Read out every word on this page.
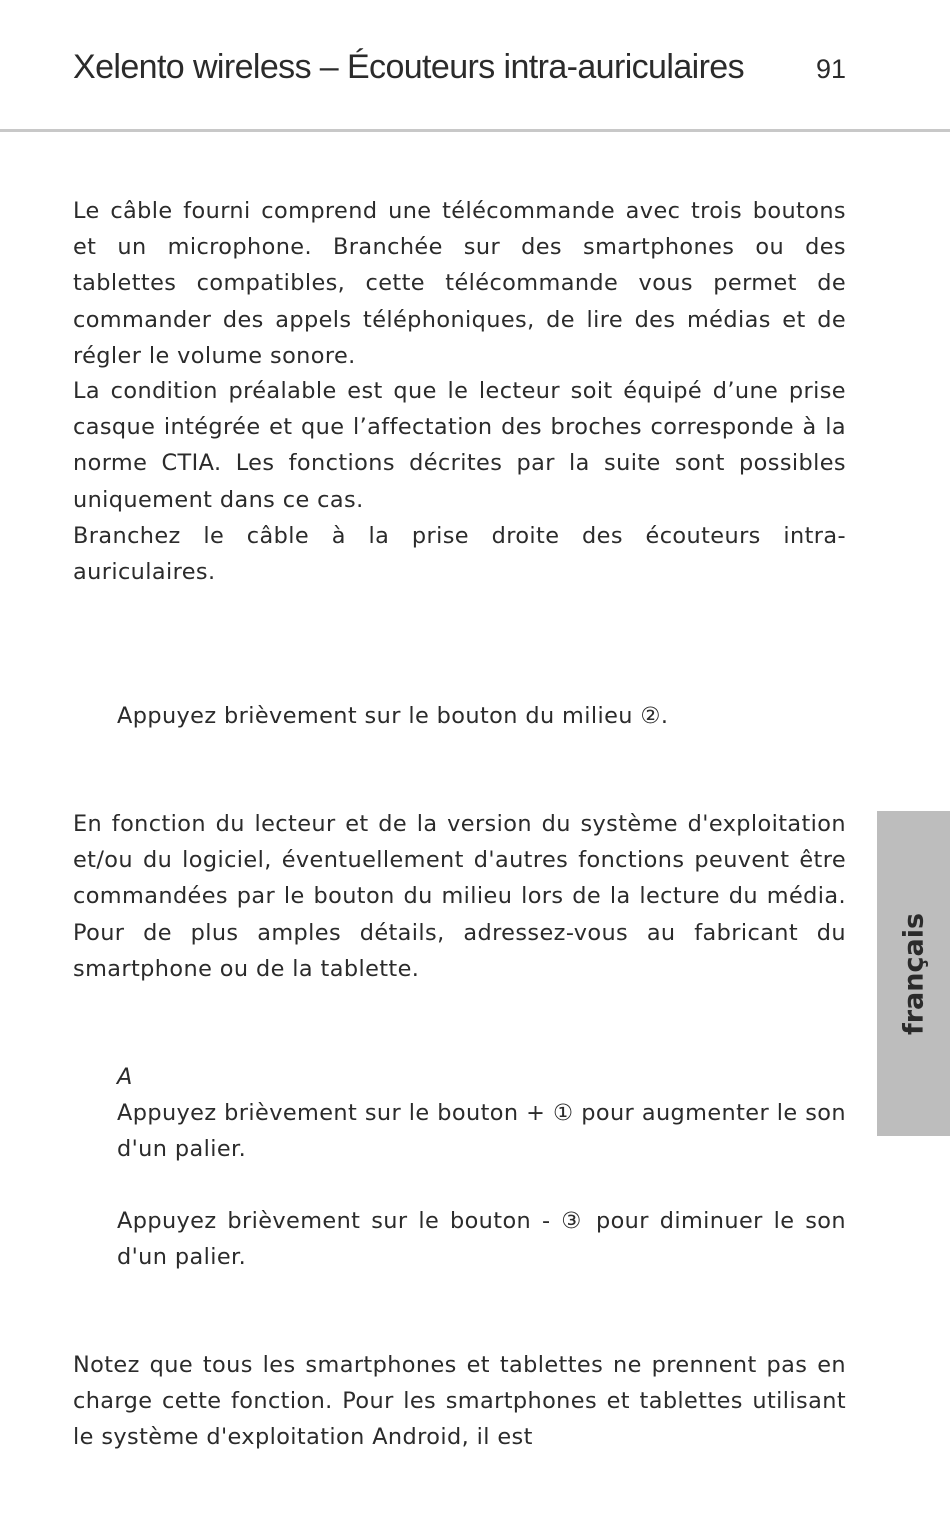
Xelento wireless – Écouteurs intra-auriculaires	91

Le câble fourni comprend une télécommande avec trois boutons et un microphone. Branchée sur des smartphones ou des tablettes compatibles, cette télécommande vous permet de commander des appels téléphoniques, de lire des médias et de régler le volume sonore.

La condition préalable est que le lecteur soit équipé d’une prise casque intégrée et que l’affectation des broches corresponde à la norme CTIA. Les fonctions décrites par la suite sont possibles uniquement dans ce cas.

Branchez le câble à la prise droite des écouteurs intra-auriculaires.

Appuyez brièvement sur le bouton du milieu ②.

En fonction du lecteur et de la version du système d'exploitation et/ou du logiciel, éventuellement d'autres fonctions peuvent être commandées par le bouton du milieu lors de la lecture du média. Pour de plus amples détails, adressez-vous au fabricant du smartphone ou de la tablette.

A

Appuyez brièvement sur le bouton + ① pour augmenter le son d'un palier.

Appuyez brièvement sur le bouton - ③ pour diminuer le son d'un palier.

Notez que tous les smartphones et tablettes ne prennent pas en charge cette fonction. Pour les smartphones et tablettes utilisant le système d'exploitation Android, il est

français
